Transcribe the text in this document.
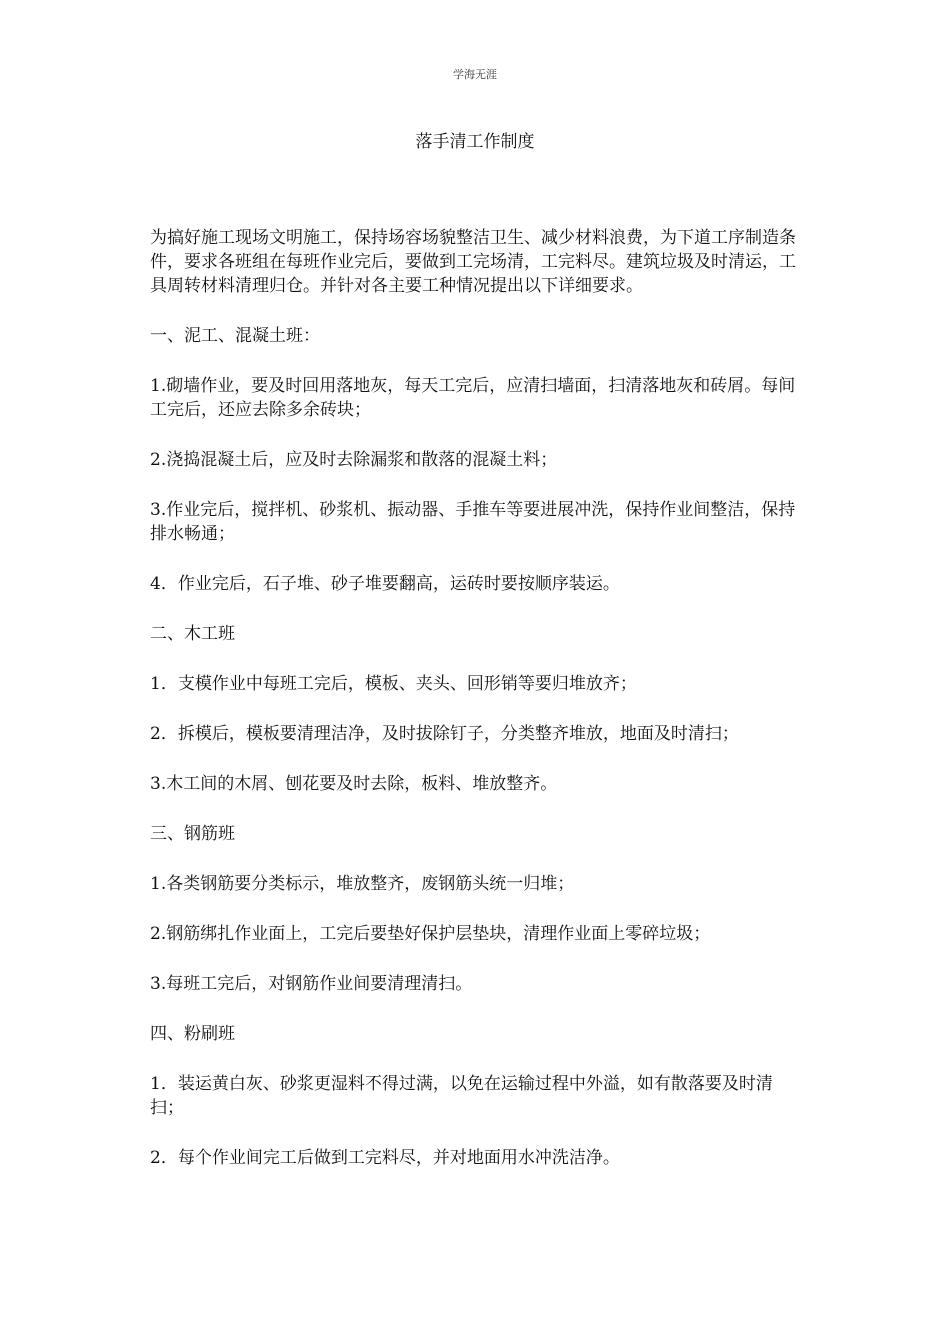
学海无涯
落手清工作制度

为搞好施工现场文明施工，保持场容场貌整洁卫生、减少材料浪费，为下道工序制造条件，要求各班组在每班作业完后，要做到工完场清，工完料尽。建筑垃圾及时清运，工具周转材料清理归仓。并针对各主要工种情况提出以下详细要求。

一、泥工、混凝土班：

1.砌墙作业，要及时回用落地灰，每天工完后，应清扫墙面，扫清落地灰和砖屑。每间工完后，还应去除多余砖块；

2.浇捣混凝土后，应及时去除漏浆和散落的混凝土料；

3.作业完后，搅拌机、砂浆机、振动器、手推车等要进展冲洗，保持作业间整洁，保持排水畅通；

4．作业完后，石子堆、砂子堆要翻高，运砖时要按顺序装运。

二、木工班

1．支模作业中每班工完后，模板、夹头、回形销等要归堆放齐；

2．拆模后，模板要清理洁净，及时拔除钉子，分类整齐堆放，地面及时清扫；

3.木工间的木屑、刨花要及时去除，板料、堆放整齐。

三、钢筋班

1.各类钢筋要分类标示，堆放整齐，废钢筋头统一归堆；

2.钢筋绑扎作业面上，工完后要垫好保护层垫块，清理作业面上零碎垃圾；

3.每班工完后，对钢筋作业间要清理清扫。

四、粉刷班

1．装运黄白灰、砂浆更湿料不得过满，以免在运输过程中外溢，如有散落要及时清扫；

2．每个作业间完工后做到工完料尽，并对地面用水冲洗洁净。
